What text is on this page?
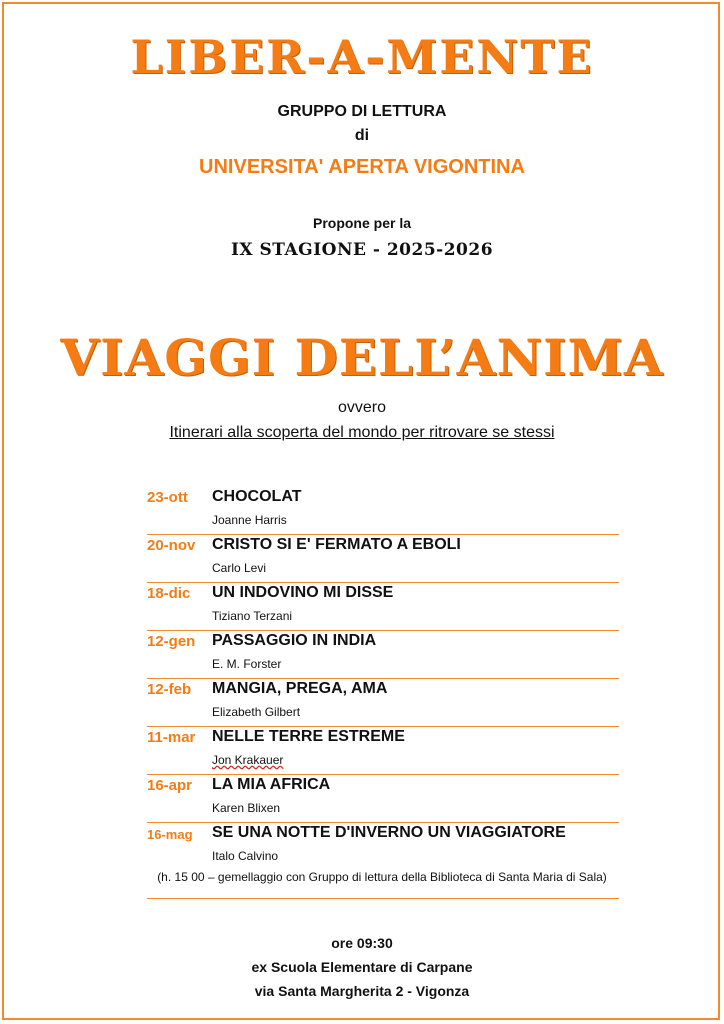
LIBER-A-MENTE
GRUPPO DI LETTURA
di
UNIVERSITA' APERTA VIGONTINA
Propone per la
IX STAGIONE - 2025-2026
VIAGGI DELL’ANIMA
ovvero
Itinerari alla scoperta del mondo per ritrovare se stessi
23-ott CHOCOLAT
Joanne Harris
20-nov CRISTO SI E' FERMATO A EBOLI
Carlo Levi
18-dic UN INDOVINO MI DISSE
Tiziano Terzani
12-gen PASSAGGIO IN INDIA
E. M. Forster
12-feb MANGIA, PREGA, AMA
Elizabeth Gilbert
11-mar NELLE TERRE ESTREME
Jon Krakauer
16-apr LA MIA AFRICA
Karen Blixen
16-mag SE UNA NOTTE D'INVERNO UN VIAGGIATORE
Italo Calvino
(h. 15 00 – gemellaggio con Gruppo di lettura della Biblioteca di Santa Maria di Sala)
ore 09:30
ex Scuola Elementare di Carpane
via Santa Margherita 2 - Vigonza
